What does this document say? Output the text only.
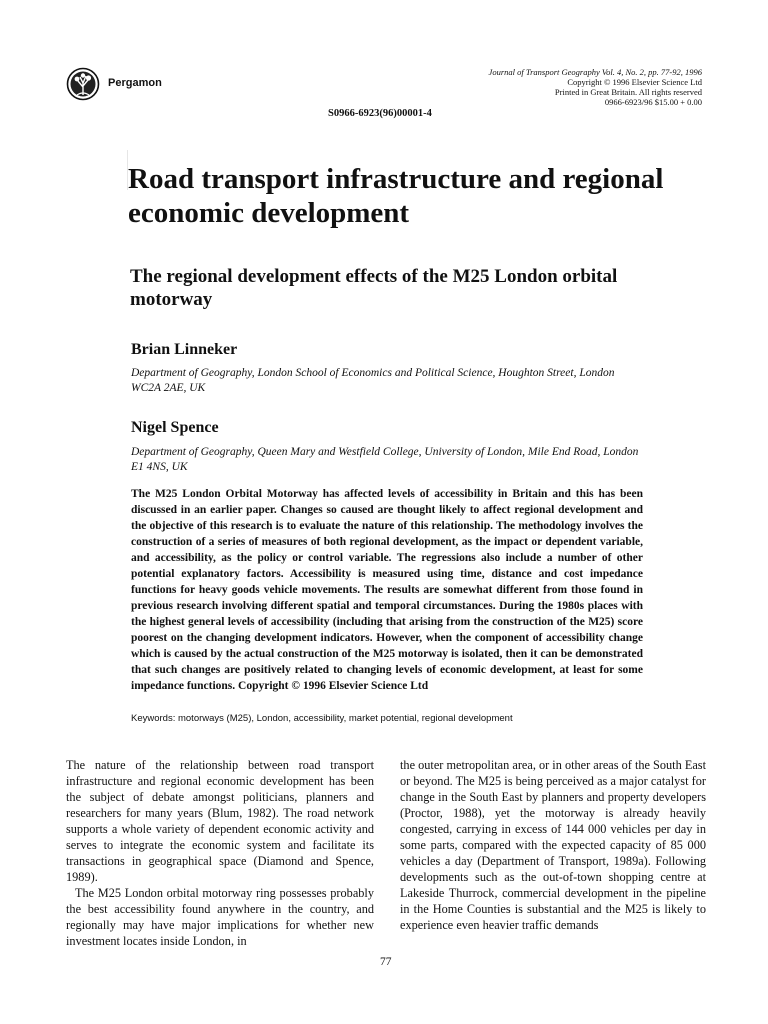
Pergamon
Journal of Transport Geography Vol. 4, No. 2, pp. 77-92, 1996
Copyright © 1996 Elsevier Science Ltd
Printed in Great Britain. All rights reserved
0966-6923/96 $15.00 + 0.00
S0966-6923(96)00001-4
Road transport infrastructure and regional economic development
The regional development effects of the M25 London orbital motorway
Brian Linneker

Department of Geography, London School of Economics and Political Science, Houghton Street, London WC2A 2AE, UK

Nigel Spence

Department of Geography, Queen Mary and Westfield College, University of London, Mile End Road, London E1 4NS, UK

The M25 London Orbital Motorway has affected levels of accessibility in Britain and this has been discussed in an earlier paper. Changes so caused are thought likely to affect regional development and the objective of this research is to evaluate the nature of this relationship. The methodology involves the construction of a series of measures of both regional development, as the impact or dependent variable, and accessibility, as the policy or control variable. The regressions also include a number of other potential explanatory factors. Accessibility is measured using time, distance and cost impedance functions for heavy goods vehicle movements. The results are somewhat different from those found in previous research involving different spatial and temporal circumstances. During the 1980s places with the highest general levels of accessibility (including that arising from the construction of the M25) score poorest on the changing development indicators. However, when the component of accessibility change which is caused by the actual construction of the M25 motorway is isolated, then it can be demonstrated that such changes are positively related to changing levels of economic development, at least for some impedance functions. Copyright © 1996 Elsevier Science Ltd

Keywords: motorways (M25), London, accessibility, market potential, regional development

The nature of the relationship between road transport infrastructure and regional economic development has been the subject of debate amongst politicians, planners and researchers for many years (Blum, 1982). The road network supports a whole variety of dependent economic activity and serves to integrate the economic system and facilitate its transactions in geographical space (Diamond and Spence, 1989).

The M25 London orbital motorway ring possesses probably the best accessibility found anywhere in the country, and regionally may have major implications for whether new investment locates inside London, in

the outer metropolitan area, or in other areas of the South East or beyond. The M25 is being perceived as a major catalyst for change in the South East by planners and property developers (Proctor, 1988), yet the motorway is already heavily congested, carrying in excess of 144 000 vehicles per day in some parts, compared with the expected capacity of 85 000 vehicles a day (Department of Transport, 1989a). Following developments such as the out-of-town shopping centre at Lakeside Thurrock, commercial development in the pipeline in the Home Counties is substantial and the M25 is likely to experience even heavier traffic demands

77
